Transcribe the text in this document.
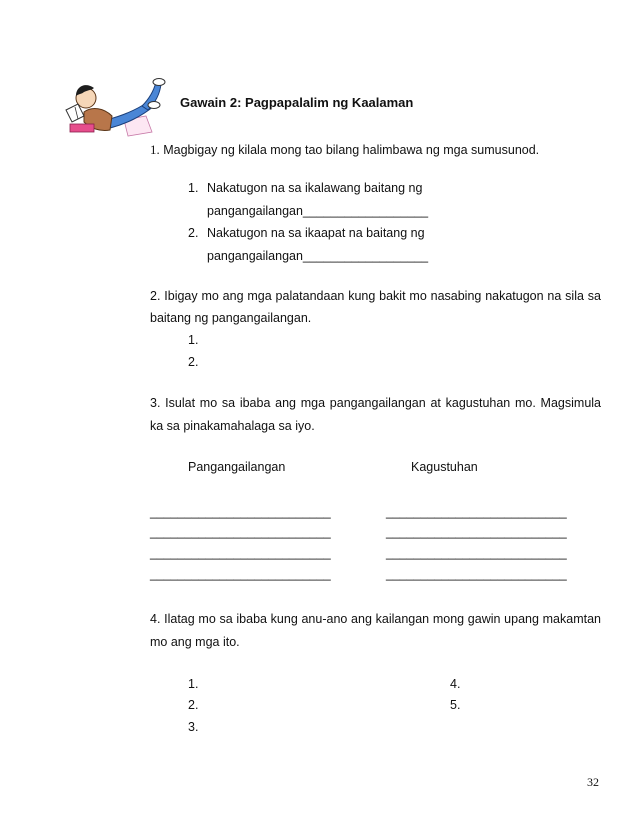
Gawain 2: Pagpapalalim ng Kaalaman
1. Magbigay ng kilala mong tao bilang halimbawa ng mga sumusunod.
1. Nakatugon na sa ikalawang baitang ng
pangangailangan__________________
2. Nakatugon na sa ikaapat na baitang ng
pangangailangan__________________
2. Ibigay mo ang mga palatandaan kung bakit mo nasabing nakatugon na sila sa
baitang ng pangangailangan.
1.
2.
3. Isulat mo sa ibaba ang mga pangangailangan at kagustuhan mo. Magsimula
ka sa pinakamahalaga sa iyo.
Pangangailangan	Kagustuhan
__________________________
__________________________
__________________________
__________________________
__________________________
__________________________
__________________________
__________________________
4. Ilatag mo sa ibaba kung anu-ano ang kailangan mong gawin upang makamtan
mo ang mga ito.
1.
2.
3.
4.
5.
32
